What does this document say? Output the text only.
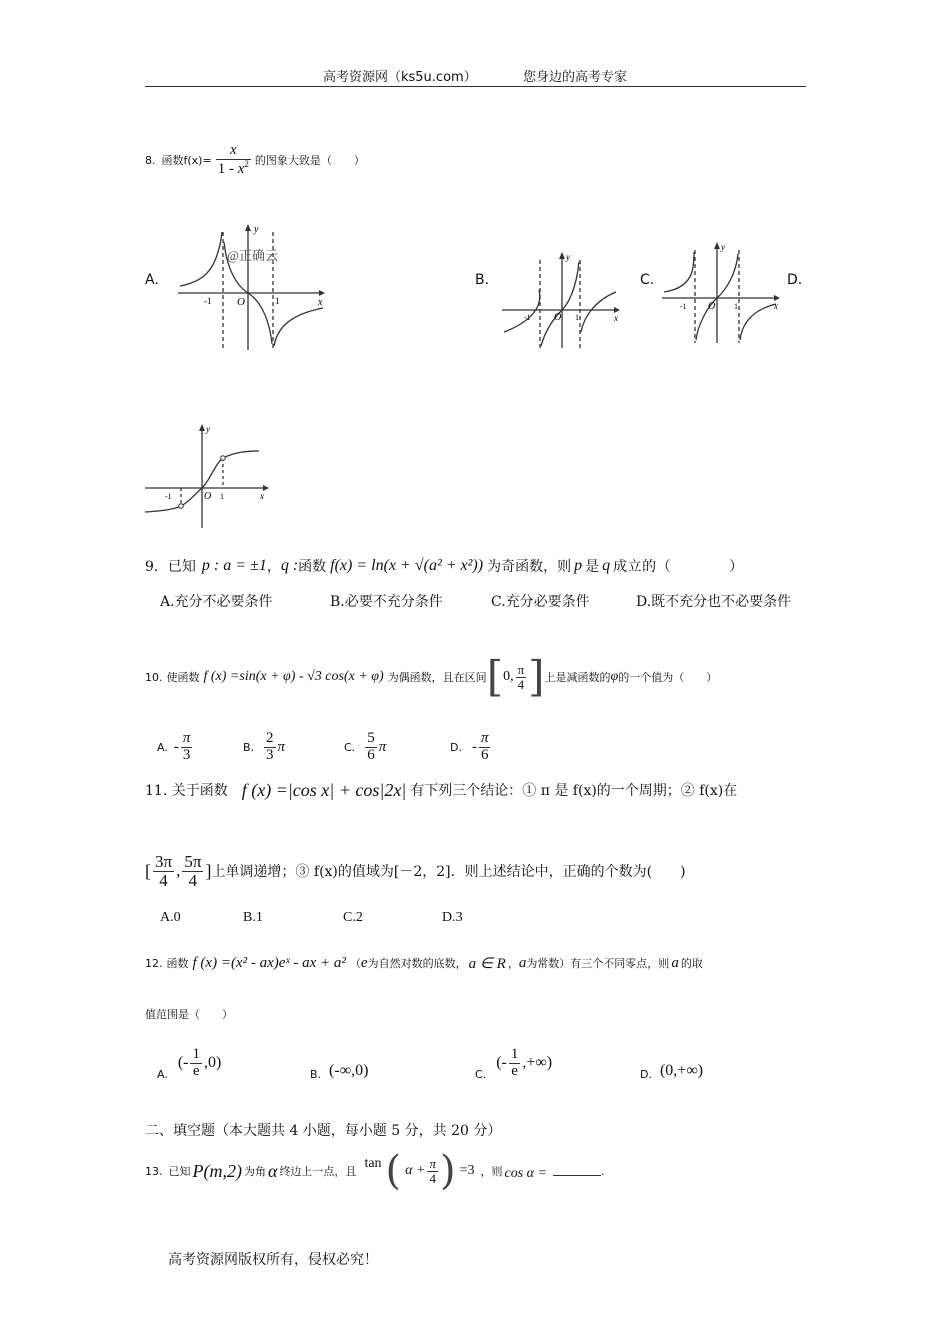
高考资源网（ks5u.com）	您身边的高考专家
8. 函数 $f(x)= \frac{x}{1 - x^2}$ 的图象大致是（　　）
A.	B.	C.	D.
y
x
O
-1	1
@正确云	y
x
O
-1	1
y
x
O
-1	1
y
x
O
-1	1
9．已知 p : a = ±1 ， q : 函数 f(x) = ln(x + √(a² + x²)) 为奇函数，则 p 是 q 成立的（　　　　）
A.充分不必要条件	B.必要不充分条件	C.充分必要条件	D.既不充分也不必要条件
10. 使函数 f (x) =sin(x + φ) - √3 cos(x + φ) 为偶函数，且在区间 [ 0, $\frac{\pi}{4}$ ] 上是减函数的 φ 的一个值为（　　）
A. - $\frac{\pi}{3}$	B. $\frac{2}{3}$ π	C. $\frac{5}{6}$ π	D. - $\frac{\pi}{6}$
11. 关于函数 f (x) =|cos x| + cos|2x| 有下列三个结论：① π 是 f(x)的一个周期；② f(x)在
[ $\frac{3\pi}{4}$ , $\frac{5\pi}{4}$ ] 上单调递增；③ f(x)的值域为[－2，2]．则上述结论中，正确的个数为(　　)
A.0	B.1	C.2	D.3
12. 函数 f (x) =(x² - ax)eˣ - ax + a² （ e 为自然对数的底数， a ∈ R ， a 为常数）有三个不同零点，则 a 的取
值范围是（　　）
A.
(- $\frac{1}{e} ,0$)
B. (-∞,0)	C.
(- $\frac{1}{e}$ ,+∞)
D. (0,+∞)
二、填空题（本大题共 4 小题，每小题 5 分，共 20 分）
13. 已知 P(m,2) 为角 α 终边上一点，且
tan ( $\alpha + \frac{\pi}{4}$ ) =3 ，则 cos α =	.
高考资源网版权所有，侵权必究！
